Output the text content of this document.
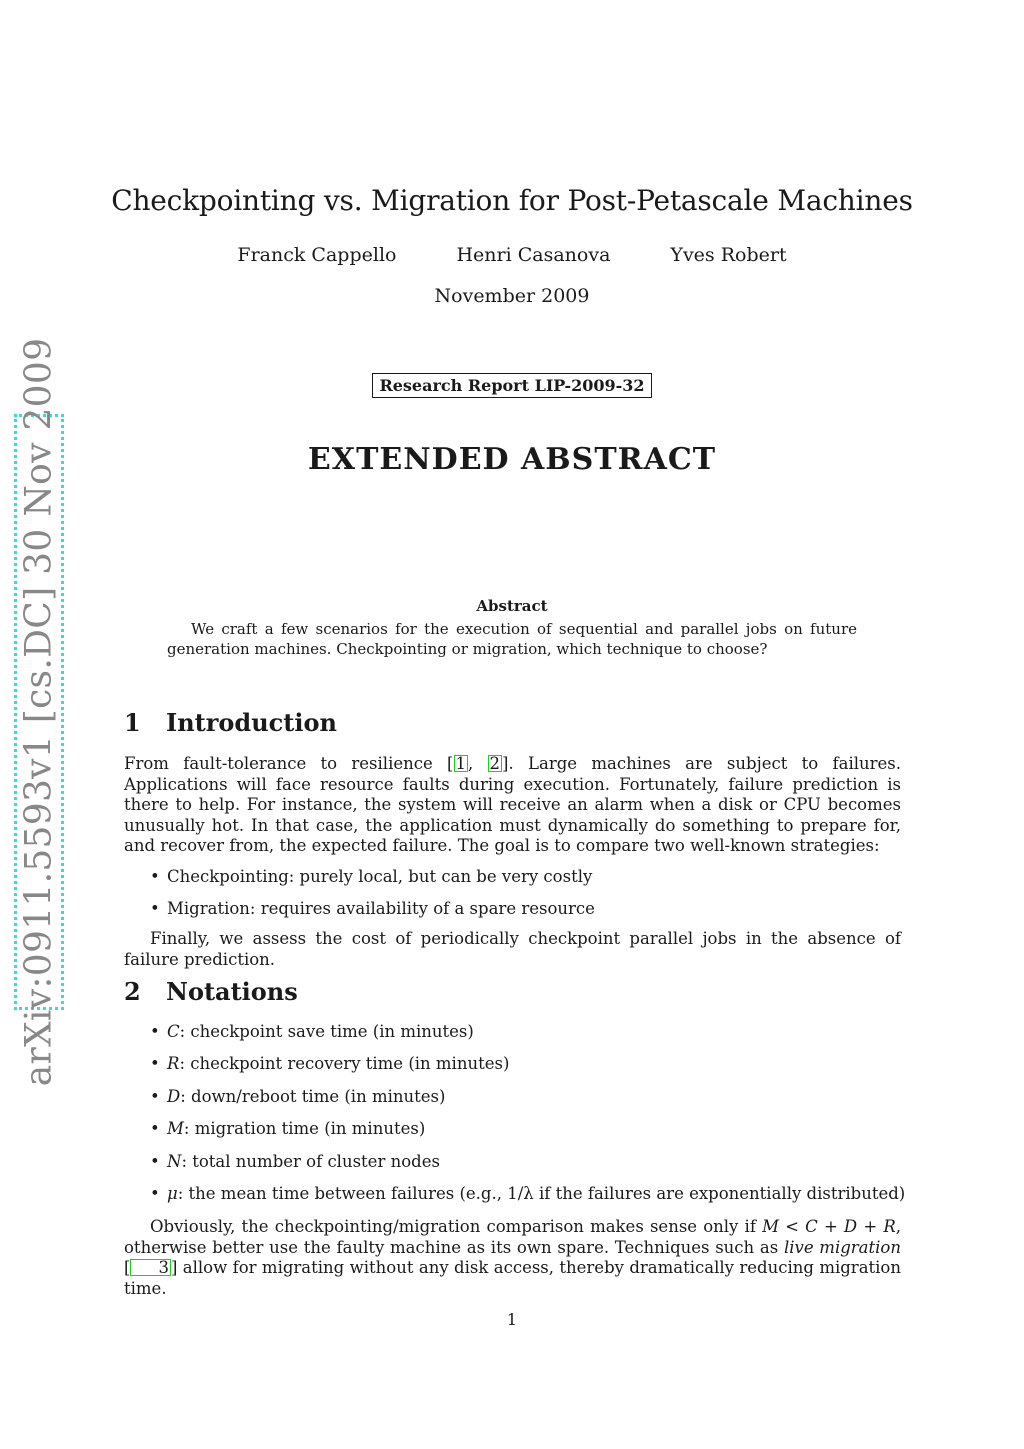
arXiv:0911.5593v1 [cs.DC] 30 Nov 2009
Checkpointing vs. Migration for Post-Petascale Machines
Franck Cappello	Henri Casanova	Yves Robert
November 2009
Research Report LIP-2009-32
EXTENDED ABSTRACT
Abstract
We craft a few scenarios for the execution of sequential and parallel jobs on future generation machines. Checkpointing or migration, which technique to choose?
1 Introduction
From fault-tolerance to resilience [ 1 , 2 ]. Large machines are subject to failures. Applications will face resource faults during execution. Fortunately, failure prediction is there to help. For instance, the system will receive an alarm when a disk or CPU becomes unusually hot. In that case, the application must dynamically do something to prepare for, and recover from, the expected failure. The goal is to compare two well-known strategies:
• Checkpointing: purely local, but can be very costly
• Migration: requires availability of a spare resource
Finally, we assess the cost of periodically checkpoint parallel jobs in the absence of failure prediction.
2 Notations
• C: checkpoint save time (in minutes)
• R: checkpoint recovery time (in minutes)
• D: down/reboot time (in minutes)
• M: migration time (in minutes)
• N: total number of cluster nodes
• μ: the mean time between failures (e.g., 1/λ if the failures are exponentially distributed)
Obviously, the checkpointing/migration comparison makes sense only if M < C + D + R, otherwise better use the faulty machine as its own spare. Techniques such as live migration [ 3 ] allow for migrating without any disk access, thereby dramatically reducing migration time.
1
